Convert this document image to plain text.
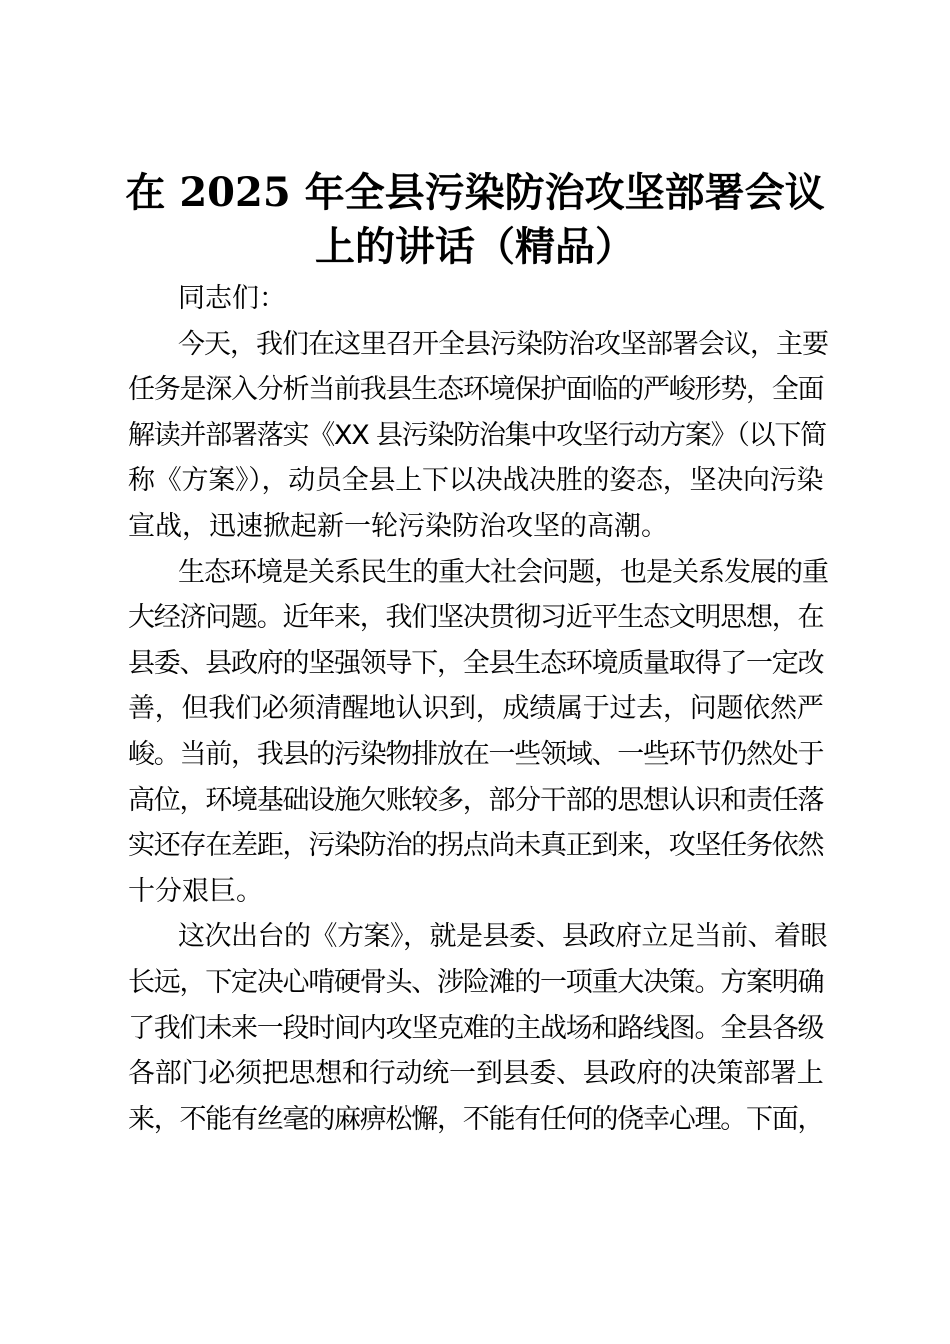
在 2025 年全县污染防治攻坚部署会议
上的讲话（精品）
同志们：
今天，我们在这里召开全县污染防治攻坚部署会议，主要
任务是深入分析当前我县生态环境保护面临的严峻形势，全面
解读并部署落实《XX 县污染防治集中攻坚行动方案》（以下简
称《方案》），动员全县上下以决战决胜的姿态，坚决向污染
宣战，迅速掀起新一轮污染防治攻坚的高潮。
生态环境是关系民生的重大社会问题，也是关系发展的重
大经济问题。近年来，我们坚决贯彻习近平生态文明思想，在
县委、县政府的坚强领导下，全县生态环境质量取得了一定改
善，但我们必须清醒地认识到，成绩属于过去，问题依然严
峻。当前，我县的污染物排放在一些领域、一些环节仍然处于
高位，环境基础设施欠账较多，部分干部的思想认识和责任落
实还存在差距，污染防治的拐点尚未真正到来，攻坚任务依然
十分艰巨。
这次出台的《方案》，就是县委、县政府立足当前、着眼
长远，下定决心啃硬骨头、涉险滩的一项重大决策。方案明确
了我们未来一段时间内攻坚克难的主战场和路线图。全县各级
各部门必须把思想和行动统一到县委、县政府的决策部署上
来，不能有丝毫的麻痹松懈，不能有任何的侥幸心理。下面，
